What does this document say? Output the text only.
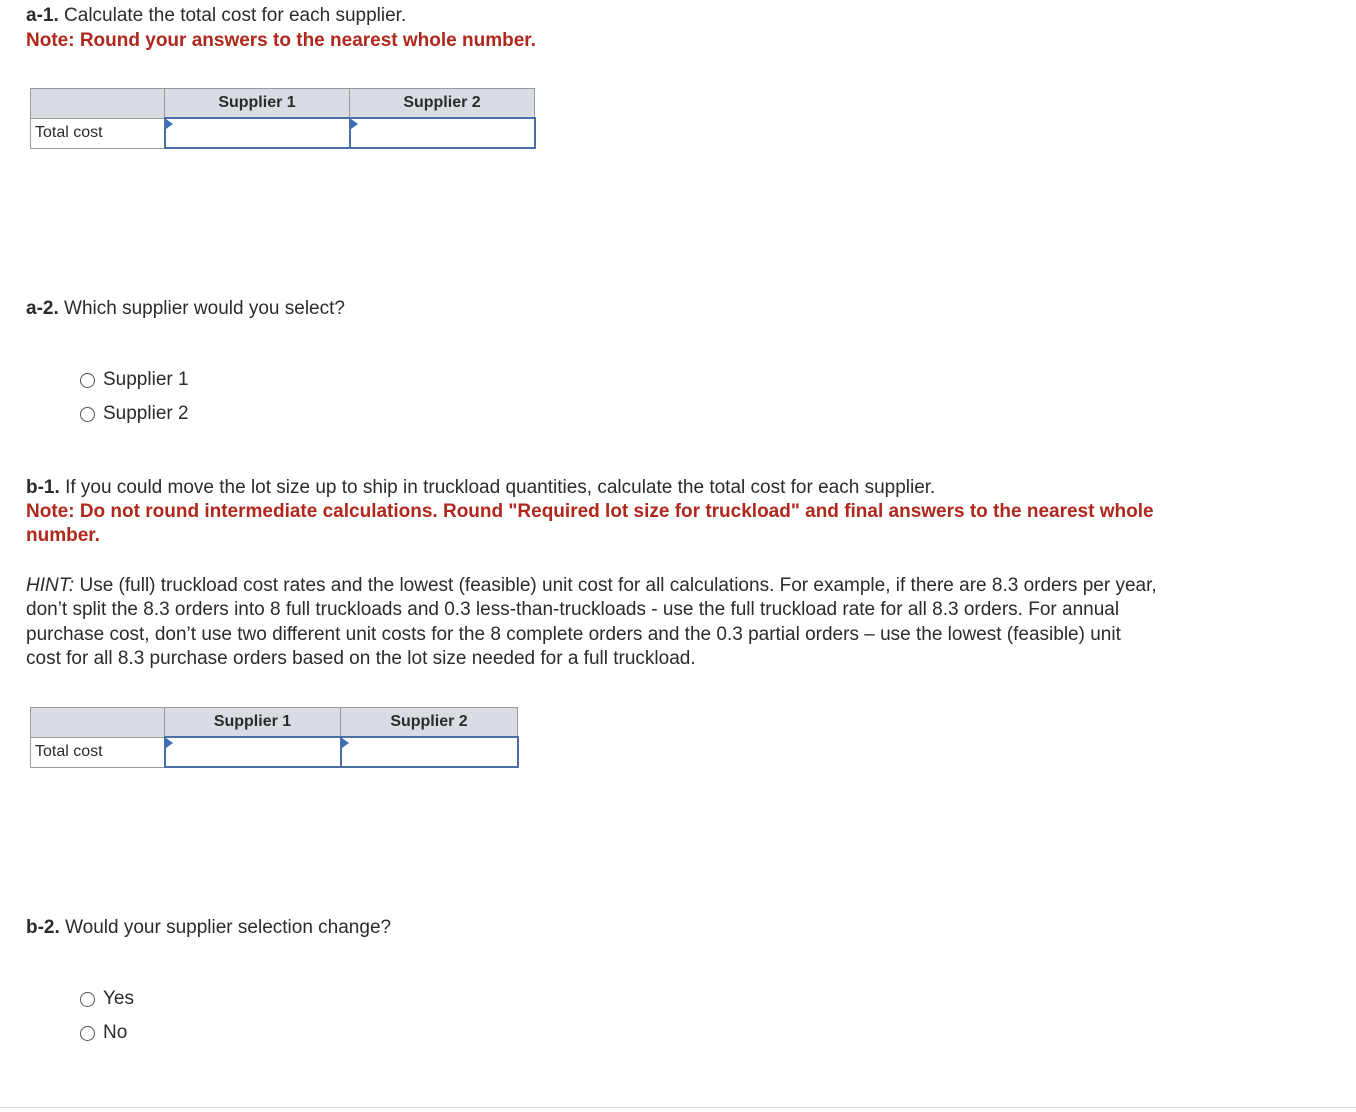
a-1. Calculate the total cost for each supplier.
Note: Round your answers to the nearest whole number.
	Supplier 1	Supplier 2
Total cost	

a-2. Which supplier would you select?
Supplier 1
Supplier 2
b-1. If you could move the lot size up to ship in truckload quantities, calculate the total cost for each supplier.
Note: Do not round intermediate calculations. Round "Required lot size for truckload" and final answers to the nearest whole
number.
HINT: Use (full) truckload cost rates and the lowest (feasible) unit cost for all calculations. For example, if there are 8.3 orders per year,
don’t split the 8.3 orders into 8 full truckloads and 0.3 less-than-truckloads - use the full truckload rate for all 8.3 orders. For annual
purchase cost, don’t use two different unit costs for the 8 complete orders and the 0.3 partial orders – use the lowest (feasible) unit
cost for all 8.3 purchase orders based on the lot size needed for a full truckload.
	Supplier 1	Supplier 2
Total cost	

b-2. Would your supplier selection change?
Yes
No
